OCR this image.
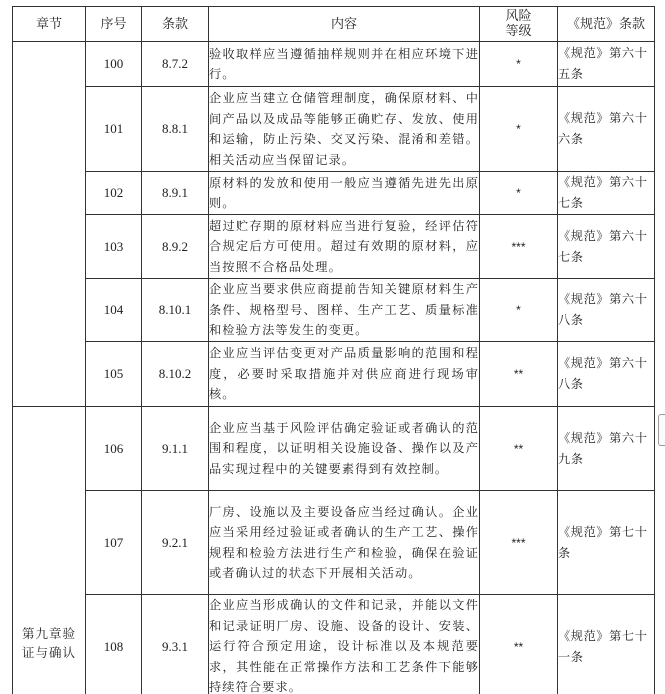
章节	序号	条款	内容	风险等级	《规范》条款
	100	8.7.2	验收取样应当遵循抽样规则并在相应环境下进行。	*	《规范》第六十五条
	101	8.8.1	企业应当建立仓储管理制度，确保原材料、中间产品以及成品等能够正确贮存、发放、使用和运输，防止污染、交叉污染、混淆和差错。相关活动应当保留记录。	*	《规范》第六十六条
	102	8.9.1	原材料的发放和使用一般应当遵循先进先出原则。	*	《规范》第六十七条
	103	8.9.2	超过贮存期的原材料应当进行复验，经评估符合规定后方可使用。超过有效期的原材料，应当按照不合格品处理。	***	《规范》第六十七条
	104	8.10.1	企业应当要求供应商提前告知关键原材料生产条件、规格型号、图样、生产工艺、质量标准和检验方法等发生的变更。	*	《规范》第六十八条
	105	8.10.2	企业应当评估变更对产品质量影响的范围和程度，必要时采取措施并对供应商进行现场审核。	**	《规范》第六十八条
第九章验证与确认	106	9.1.1	企业应当基于风险评估确定验证或者确认的范围和程度，以证明相关设施设备、操作以及产品实现过程中的关键要素得到有效控制。	**	《规范》第六十九条
	107	9.2.1	厂房、设施以及主要设备应当经过确认。企业应当采用经过验证或者确认的生产工艺、操作规程和检验方法进行生产和检验，确保在验证或者确认过的状态下开展相关活动。	***	《规范》第七十条
	108	9.3.1	企业应当形成确认的文件和记录，并能以文件和记录证明厂房、设施、设备的设计、安装、运行符合预定用途，设计标准以及本规范要求，其性能在正常操作方法和工艺条件下能够持续符合要求。	**	《规范》第七十一条
